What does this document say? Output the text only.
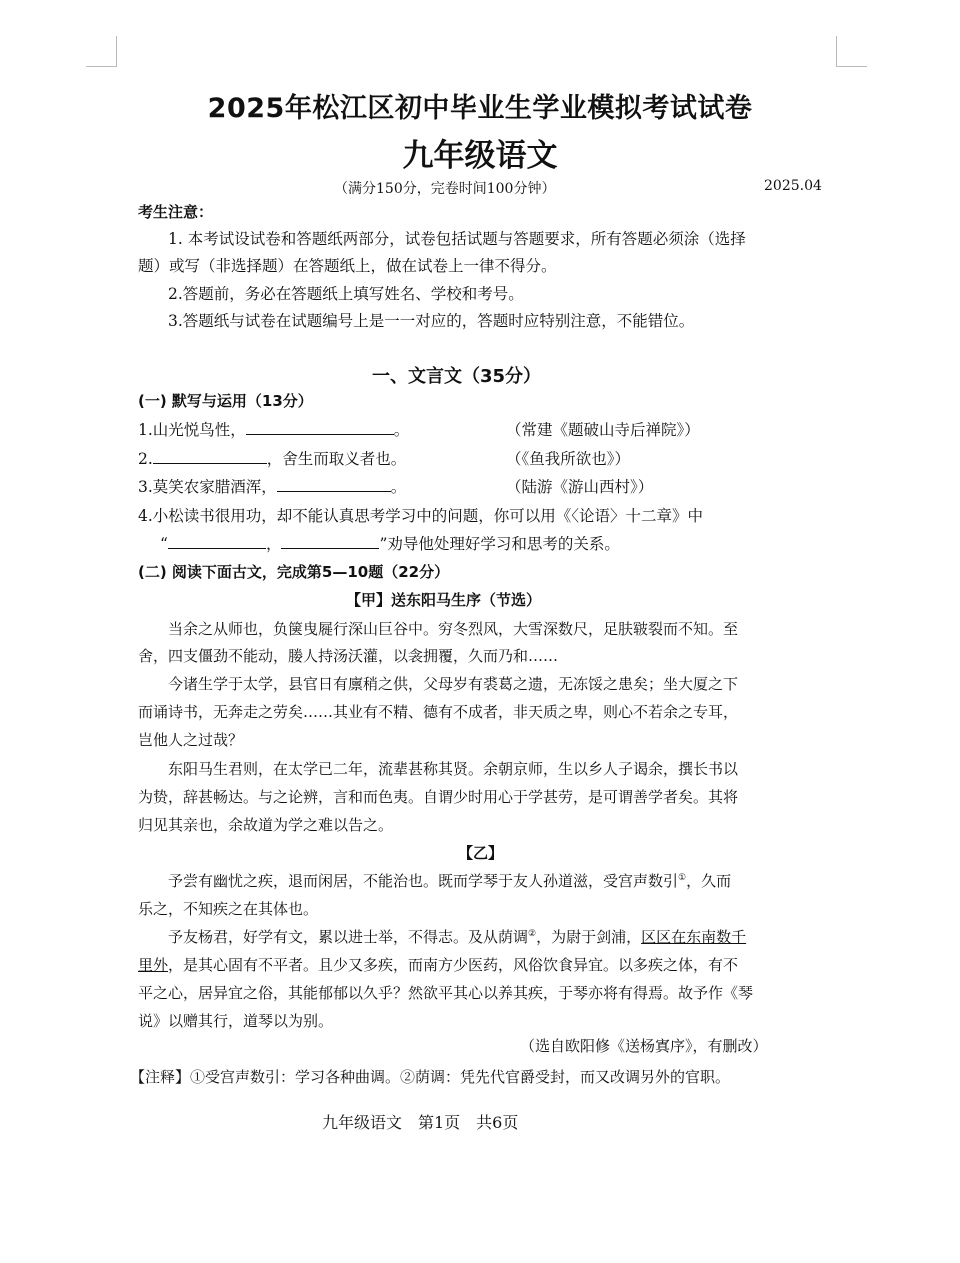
2025年松江区初中毕业生学业模拟考试试卷
九年级语文
（满分150分，完卷时间100分钟）	2025.04
考生注意：
1. 本考试设试卷和答题纸两部分，试卷包括试题与答题要求，所有答题必须涂（选择
题）或写（非选择题）在答题纸上，做在试卷上一律不得分。
2.答题前，务必在答题纸上填写姓名、学校和考号。
3.答题纸与试卷在试题编号上是一一对应的，答题时应特别注意，不能错位。
一、文言文（35分）
(一) 默写与运用（13分）
1.山光悦鸟性，	。	（常建《题破山寺后禅院》）
2.	，舍生而取义者也。	（《鱼我所欲也》）
3.莫笑农家腊酒浑，	。	（陆游《游山西村》）
4.小松读书很用功，却不能认真思考学习中的问题，你可以用《〈论语〉十二章》中
“	，	”劝导他处理好学习和思考的关系。
(二) 阅读下面古文，完成第5—10题（22分）
【甲】送东阳马生序（节选）
当余之从师也，负箧曳屣行深山巨谷中。穷冬烈风，大雪深数尺，足肤皲裂而不知。至
舍，四支僵劲不能动，媵人持汤沃灌，以衾拥覆，久而乃和……
今诸生学于太学，县官日有廪稍之供，父母岁有裘葛之遗，无冻馁之患矣；坐大厦之下
而诵诗书，无奔走之劳矣……其业有不精、德有不成者，非天质之卑，则心不若余之专耳，
岂他人之过哉？
东阳马生君则，在太学已二年，流辈甚称其贤。余朝京师，生以乡人子谒余，撰长书以
为贽，辞甚畅达。与之论辨，言和而色夷。自谓少时用心于学甚劳，是可谓善学者矣。其将
归见其亲也，余故道为学之难以告之。
【乙】
予尝有幽忧之疾，退而闲居，不能治也。既而学琴于友人孙道滋，受宫声数引①，久而
乐之，不知疾之在其体也。
予友杨君，好学有文，累以进士举，不得志。及从荫调②，为尉于剑浦，区区在东南数千
里外，是其心固有不平者。且少又多疾，而南方少医药，风俗饮食异宜。以多疾之体，有不
平之心，居异宜之俗，其能郁郁以久乎？然欲平其心以养其疾，于琴亦将有得焉。故予作《琴
说》以赠其行，道琴以为别。
（选自欧阳修《送杨寘序》，有删改）
【注释】①受宫声数引：学习各种曲调。②荫调：凭先代官爵受封，而又改调另外的官职。
九年级语文　第1页　共6页
